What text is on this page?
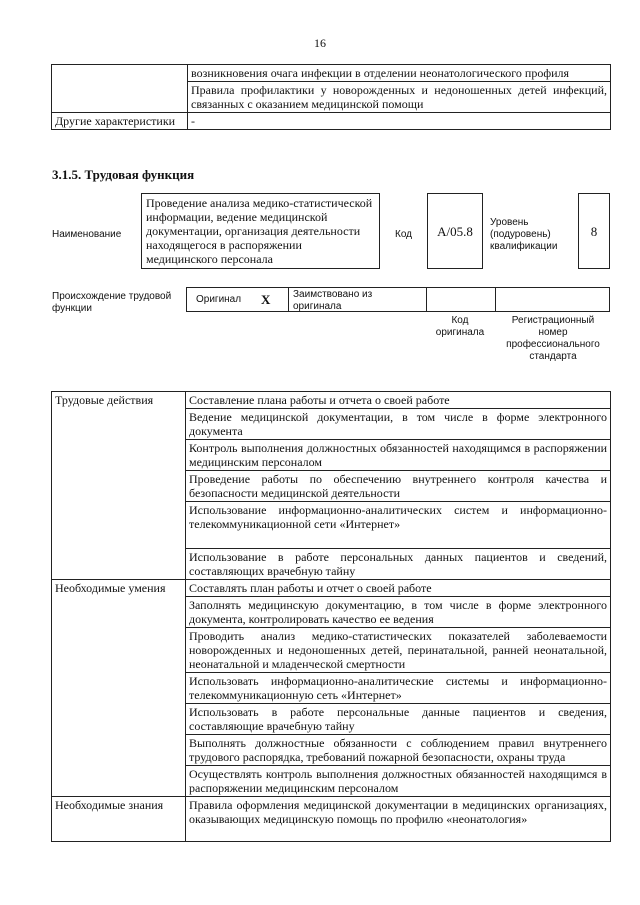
16
	возникновения очага инфекции в отделении неонатологического профиля
	Правила профилактики у новорожденных и недоношенных детей инфекций, связанных с оказанием медицинской помощи
Другие характеристики	-
3.1.5. Трудовая функция
Наименование
Проведение анализа медико-статистической информации, ведение медицинской документации, организация деятельности находящегося в распоряжении медицинского персонала
Код	A/05.8
Уровень (подуровень) квалификации
8
Происхождение трудовой функции
Оригинал X Заимствовано из оригинала
Код оригинала
Регистрационный номер профессионального стандарта
Трудовые действия	Составление плана работы и отчета о своей работе
	Ведение медицинской документации, в том числе в форме электронного документа
	Контроль выполнения должностных обязанностей находящимся в распоряжении медицинским персоналом
	Проведение работы по обеспечению внутреннего контроля качества и безопасности медицинской деятельности
	Использование информационно-аналитических систем и информационно-телекоммуникационной сети «Интернет»
	Использование в работе персональных данных пациентов и сведений, составляющих врачебную тайну
Необходимые умения	Составлять план работы и отчет о своей работе
	Заполнять медицинскую документацию, в том числе в форме электронного документа, контролировать качество ее ведения
	Проводить анализ медико-статистических показателей заболеваемости новорожденных и недоношенных детей, перинатальной, ранней неонатальной, неонатальной и младенческой смертности
	Использовать информационно-аналитические системы и информационно-телекоммуникационную сеть «Интернет»
	Использовать в работе персональные данные пациентов и сведения, составляющие врачебную тайну
	Выполнять должностные обязанности с соблюдением правил внутреннего трудового распорядка, требований пожарной безопасности, охраны труда
	Осуществлять контроль выполнения должностных обязанностей находящимся в распоряжении медицинским персоналом
Необходимые знания	Правила оформления медицинской документации в медицинских организациях, оказывающих медицинскую помощь по профилю «неонатология»
